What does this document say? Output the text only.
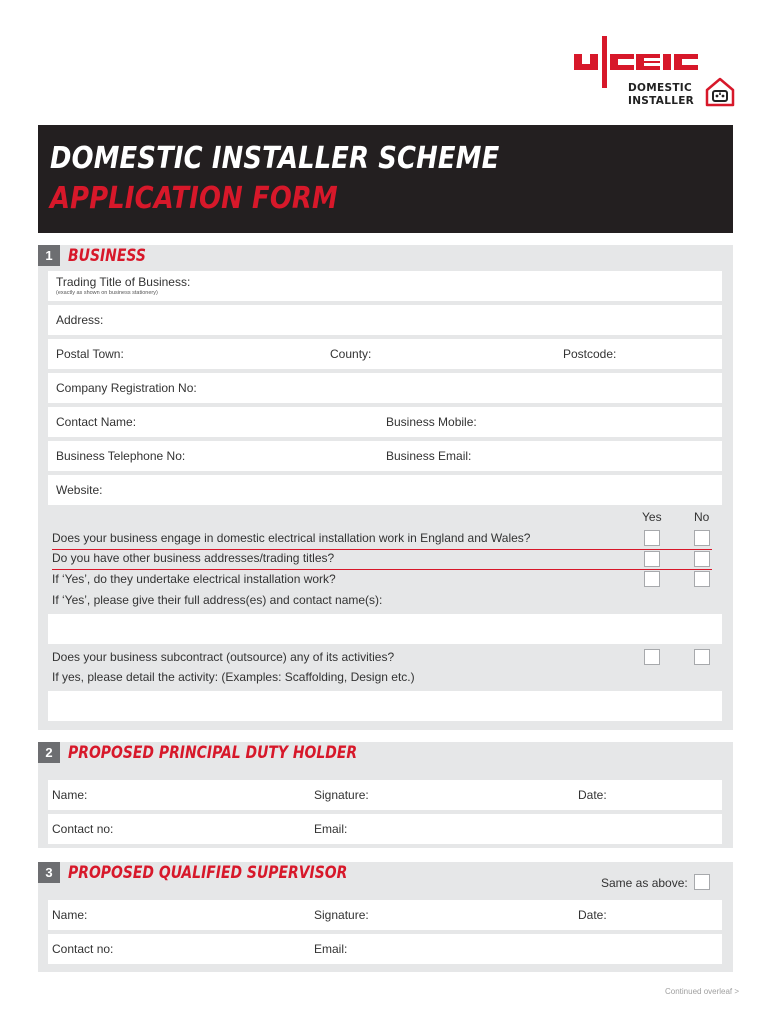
DOMESTIC
INSTALLER
DOMESTIC INSTALLER SCHEME
APPLICATION FORM
1 BUSINESS
Trading Title of Business:
(exactly as shown on business stationery)
Address:
Postal Town:	County:	Postcode:
Company Registration No:
Contact Name:	Business Mobile:
Business Telephone No:	Business Email:
Website:
Yes	No
Does your business engage in domestic electrical installation work in England and Wales?
Do you have other business addresses/trading titles?
If ‘Yes’, do they undertake electrical installation work?
If ‘Yes’, please give their full address(es) and contact name(s):
Does your business subcontract (outsource) any of its activities?
If yes, please detail the activity: (Examples: Scaffolding, Design etc.)
2 PROPOSED PRINCIPAL DUTY HOLDER
Name:	Signature:	Date:
Contact no:	Email:
3 PROPOSED QUALIFIED SUPERVISOR	Same as above:
Name:	Signature:	Date:
Contact no:	Email:
Continued overleaf >
